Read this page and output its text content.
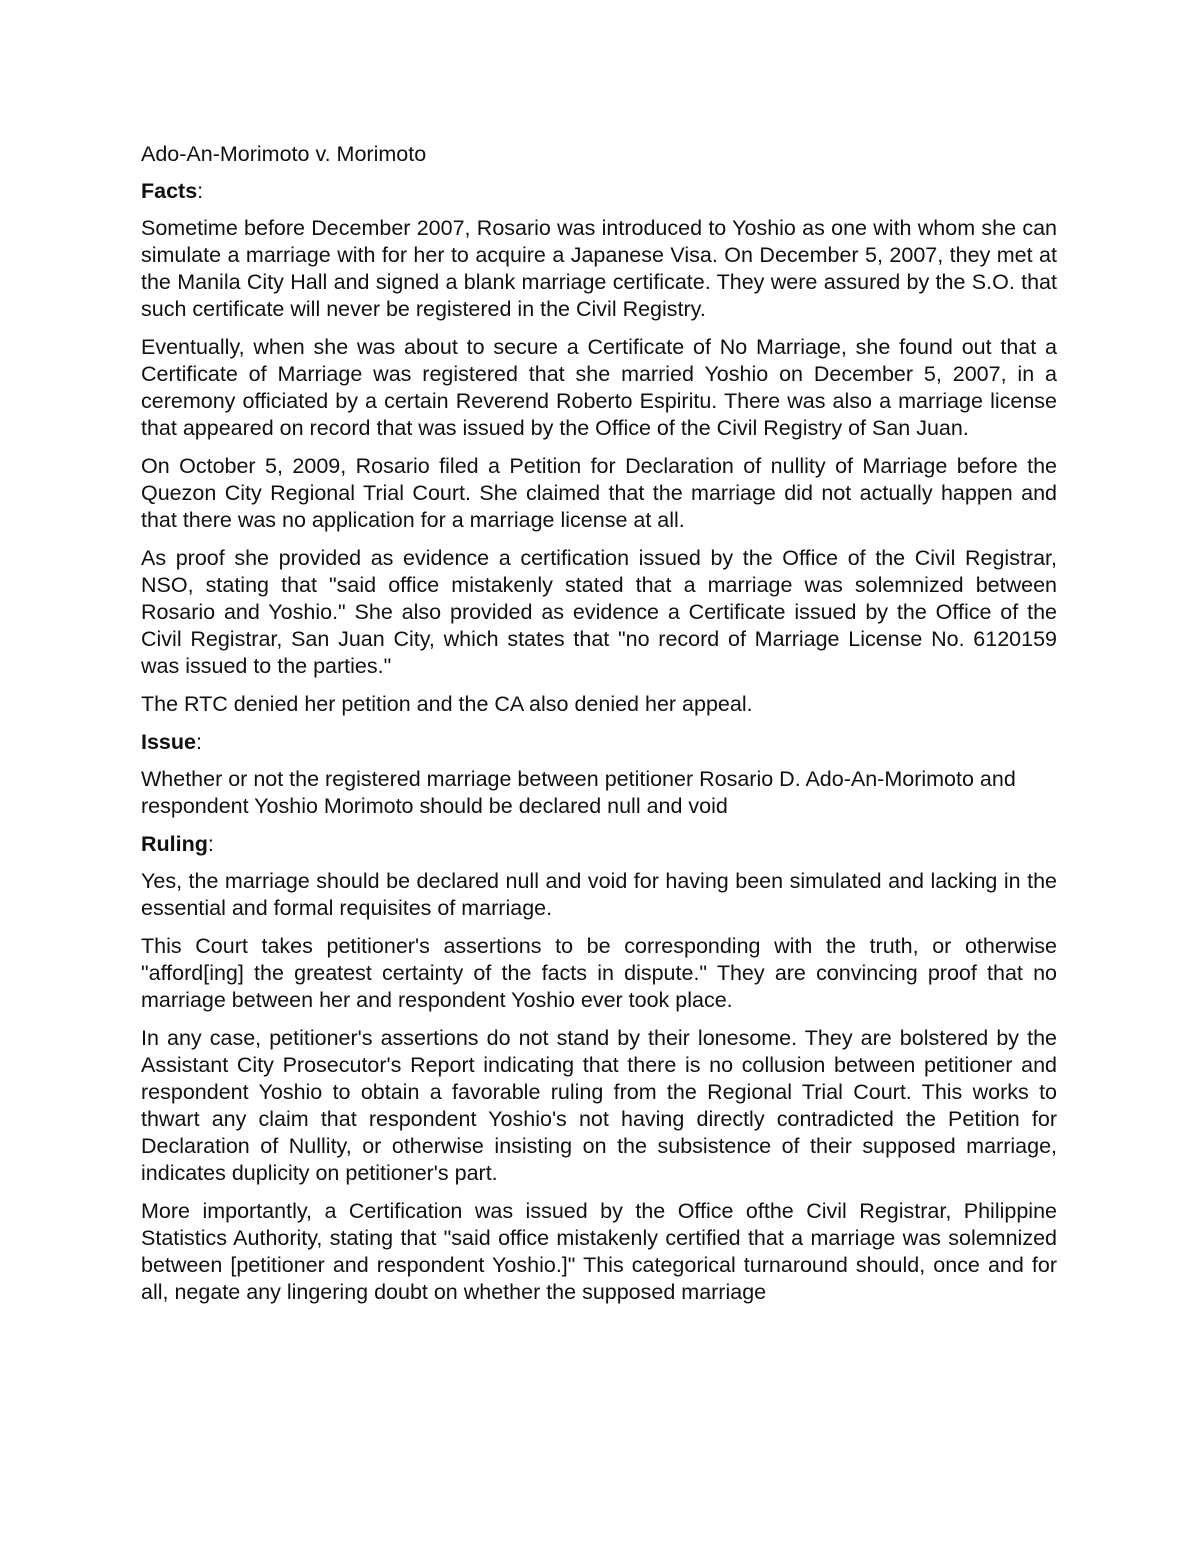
Ado-An-Morimoto v. Morimoto
Facts:

Sometime before December 2007, Rosario was introduced to Yoshio as one with whom she can simulate a marriage with for her to acquire a Japanese Visa. On December 5, 2007, they met at the Manila City Hall and signed a blank marriage certificate. They were assured by the S.O. that such certificate will never be registered in the Civil Registry.

Eventually, when she was about to secure a Certificate of No Marriage, she found out that a Certificate of Marriage was registered that she married Yoshio on December 5, 2007, in a ceremony officiated by a certain Reverend Roberto Espiritu. There was also a marriage license that appeared on record that was issued by the Office of the Civil Registry of San Juan.

On October 5, 2009, Rosario filed a Petition for Declaration of nullity of Marriage before the Quezon City Regional Trial Court. She claimed that the marriage did not actually happen and that there was no application for a marriage license at all.

As proof she provided as evidence a certification issued by the Office of the Civil Registrar, NSO, stating that "said office mistakenly stated that a marriage was solemnized between Rosario and Yoshio." She also provided as evidence a Certificate issued by the Office of the Civil Registrar, San Juan City, which states that "no record of Marriage License No. 6120159 was issued to the parties."

The RTC denied her petition and the CA also denied her appeal.

Issue:

Whether or not the registered marriage between petitioner Rosario D. Ado-An-Morimoto and respondent Yoshio Morimoto should be declared null and void

Ruling:

Yes, the marriage should be declared null and void for having been simulated and lacking in the essential and formal requisites of marriage.

This Court takes petitioner's assertions to be corresponding with the truth, or otherwise "afford[ing] the greatest certainty of the facts in dispute." They are convincing proof that no marriage between her and respondent Yoshio ever took place.

In any case, petitioner's assertions do not stand by their lonesome. They are bolstered by the Assistant City Prosecutor's Report indicating that there is no collusion between petitioner and respondent Yoshio to obtain a favorable ruling from the Regional Trial Court. This works to thwart any claim that respondent Yoshio's not having directly contradicted the Petition for Declaration of Nullity, or otherwise insisting on the subsistence of their supposed marriage, indicates duplicity on petitioner's part.

More importantly, a Certification was issued by the Office ofthe Civil Registrar, Philippine Statistics Authority, stating that "said office mistakenly certified that a marriage was solemnized between [petitioner and respondent Yoshio.]" This categorical turnaround should, once and for all, negate any lingering doubt on whether the supposed marriage
